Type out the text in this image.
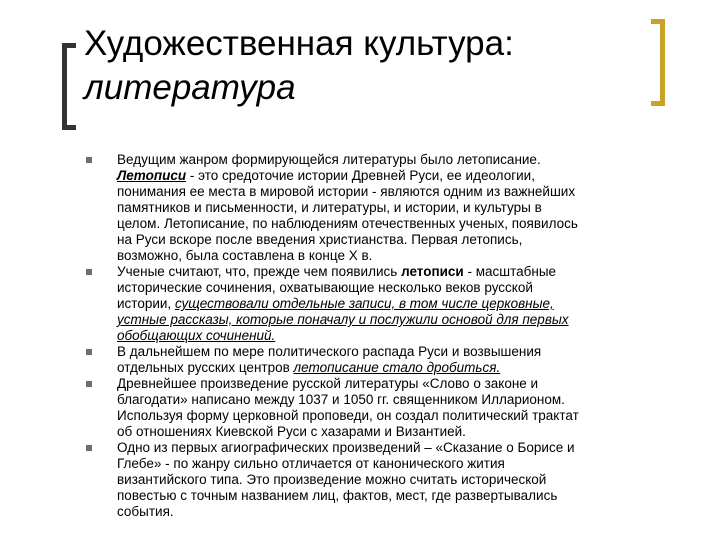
Художественная культура:
литература

Ведущим жанром формирующейся литературы было летописание.

Летописи - это средоточие истории Древней Руси, ее идеологии,

понимания ее места в мировой истории - являются одним из важнейших

памятников и письменности, и литературы, и истории, и культуры в

целом. Летописание, по наблюдениям отечественных ученых, появилось

на Руси вскоре после введения христианства. Первая летопись,

возможно, была составлена в конце X в.

Ученые считают, что, прежде чем появились летописи - масштабные

исторические сочинения, охватывающие несколько веков русской

истории, существовали отдельные записи, в том числе церковные,

устные рассказы, которые поначалу и послужили основой для первых

обобщающих сочинений.

В дальнейшем по мере политического распада Руси и возвышения

отдельных русских центров летописание стало дробиться.

Древнейшее произведение русской литературы «Слово о законе и

благодати» написано между 1037 и 1050 гг. священником Илларионом.

Используя форму церковной проповеди, он создал политический трактат

об отношениях Киевской Руси с хазарами и Византией.

Одно из первых агиографических произведений – «Сказание о Борисе и

Глебе» - по жанру сильно отличается от канонического жития

византийского типа. Это произведение можно считать исторической

повестью с точным названием лиц, фактов, мест, где развертывались

события.
